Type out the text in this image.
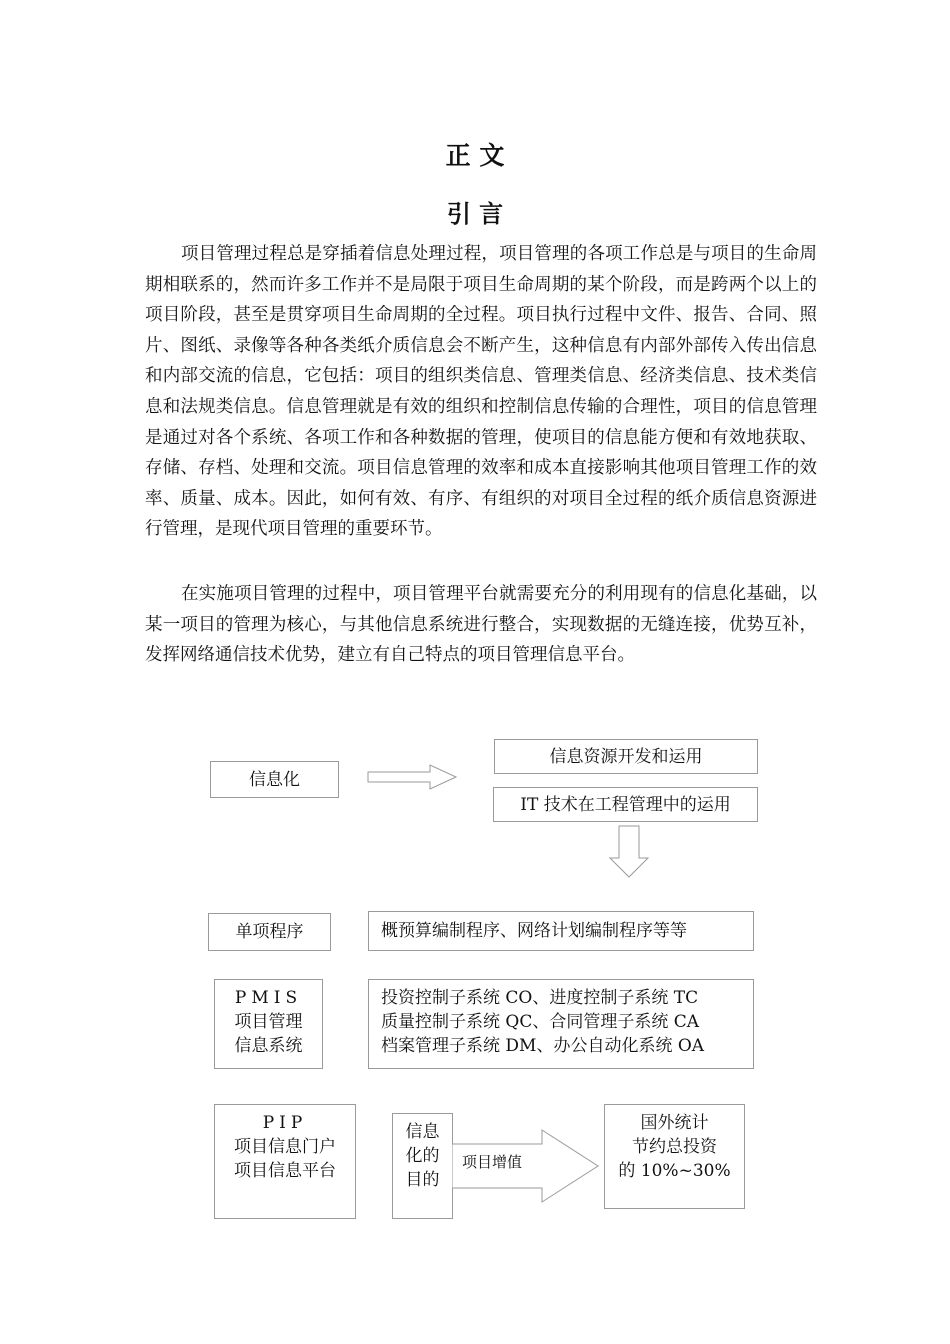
正 文
引 言

项目管理过程总是穿插着信息处理过程，项目管理的各项工作总是与项目的生命周期相联系的，然而许多工作并不是局限于项目生命周期的某个阶段，而是跨两个以上的项目阶段，甚至是贯穿项目生命周期的全过程。项目执行过程中文件、报告、合同、照片、图纸、录像等各种各类纸介质信息会不断产生，这种信息有内部外部传入传出信息和内部交流的信息，它包括：项目的组织类信息、管理类信息、经济类信息、技术类信息和法规类信息。信息管理就是有效的组织和控制信息传输的合理性，项目的信息管理是通过对各个系统、各项工作和各种数据的管理，使项目的信息能方便和有效地获取、存储、存档、处理和交流。项目信息管理的效率和成本直接影响其他项目管理工作的效率、质量、成本。因此，如何有效、有序、有组织的对项目全过程的纸介质信息资源进行管理，是现代项目管理的重要环节。

在实施项目管理的过程中，项目管理平台就需要充分的利用现有的信息化基础，以某一项目的管理为核心，与其他信息系统进行整合，实现数据的无缝连接，优势互补，发挥网络通信技术优势，建立有自己特点的项目管理信息平台。

信息化
信息资源开发和运用
IT 技术在工程管理中的运用
单项程序	概预算编制程序、网络计划编制程序等等
PMIS
项目管理
信息系统
投资控制子系统 CO、进度控制子系统 TC
质量控制子系统 QC、合同管理子系统 CA
档案管理子系统 DM、办公自动化系统 OA
PIP
项目信息门户
项目信息平台
信息
化的
目的
项目增值
国外统计
节约总投资
的 10%~30%
